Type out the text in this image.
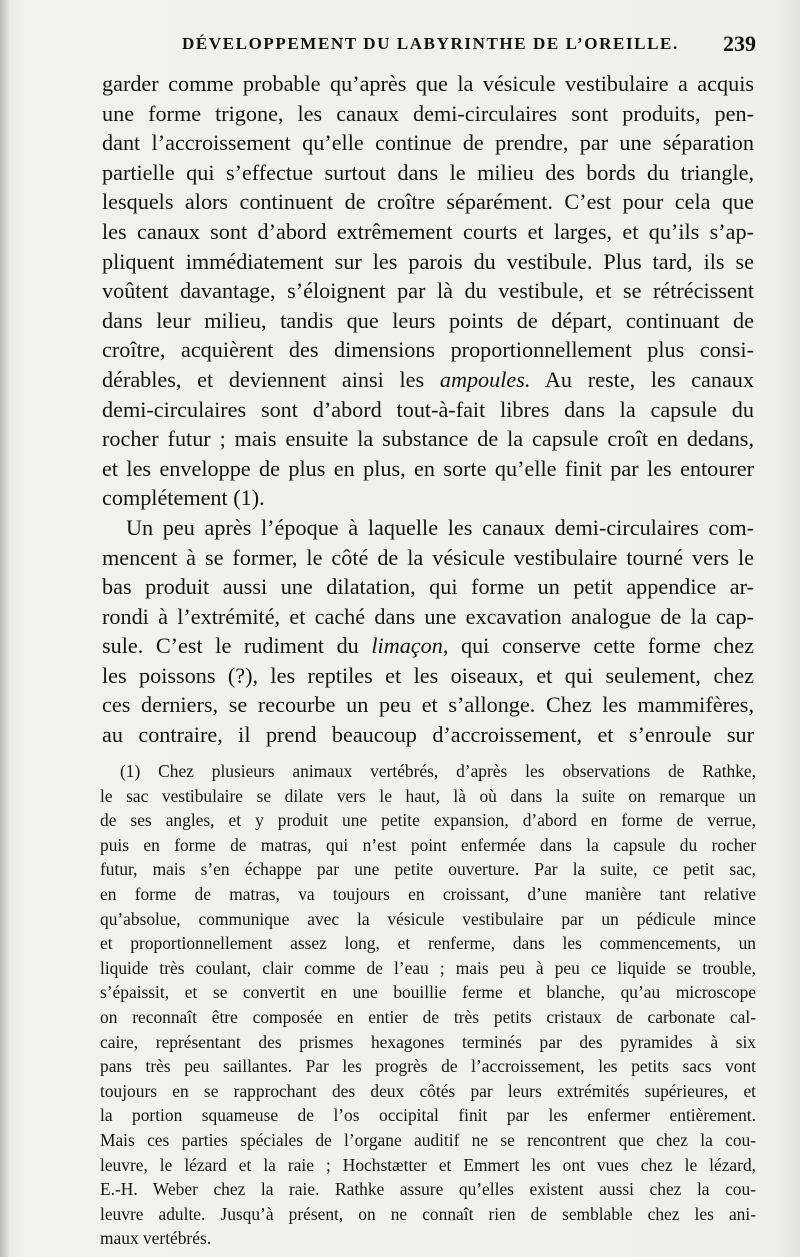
DÉVELOPPEMENT DU LABYRINTHE DE L’OREILLE. 239
garder comme probable qu’après que la vésicule vestibulaire a acquis
une forme trigone, les canaux demi-circulaires sont produits, pen-
dant l’accroissement qu’elle continue de prendre, par une séparation
partielle qui s’effectue surtout dans le milieu des bords du triangle,
lesquels alors continuent de croître séparément. C’est pour cela que
les canaux sont d’abord extrêmement courts et larges, et qu’ils s’ap-
pliquent immédiatement sur les parois du vestibule. Plus tard, ils se
voûtent davantage, s’éloignent par là du vestibule, et se rétrécissent
dans leur milieu, tandis que leurs points de départ, continuant de
croître, acquièrent des dimensions proportionnellement plus consi-
dérables, et deviennent ainsi les ampoules. Au reste, les canaux
demi-circulaires sont d’abord tout-à-fait libres dans la capsule du
rocher futur ; mais ensuite la substance de la capsule croît en dedans,
et les enveloppe de plus en plus, en sorte qu’elle finit par les entourer
complétement (1).
Un peu après l’époque à laquelle les canaux demi-circulaires com-
mencent à se former, le côté de la vésicule vestibulaire tourné vers le
bas produit aussi une dilatation, qui forme un petit appendice ar-
rondi à l’extrémité, et caché dans une excavation analogue de la cap-
sule. C’est le rudiment du limaçon, qui conserve cette forme chez
les poissons (?), les reptiles et les oiseaux, et qui seulement, chez
ces derniers, se recourbe un peu et s’allonge. Chez les mammifères,
au contraire, il prend beaucoup d’accroissement, et s’enroule sur
(1) Chez plusieurs animaux vertébrés, d’après les observations de Rathke,
le sac vestibulaire se dilate vers le haut, là où dans la suite on remarque un
de ses angles, et y produit une petite expansion, d’abord en forme de verrue,
puis en forme de matras, qui n’est point enfermée dans la capsule du rocher
futur, mais s’en échappe par une petite ouverture. Par la suite, ce petit sac,
en forme de matras, va toujours en croissant, d’une manière tant relative
qu’absolue, communique avec la vésicule vestibulaire par un pédicule mince
et proportionnellement assez long, et renferme, dans les commencements, un
liquide très coulant, clair comme de l’eau ; mais peu à peu ce liquide se trouble,
s’épaissit, et se convertit en une bouillie ferme et blanche, qu’au microscope
on reconnaît être composée en entier de très petits cristaux de carbonate cal-
caire, représentant des prismes hexagones terminés par des pyramides à six
pans très peu saillantes. Par les progrès de l’accroissement, les petits sacs vont
toujours en se rapprochant des deux côtés par leurs extrémités supérieures, et
la portion squameuse de l’os occipital finit par les enfermer entièrement.
Mais ces parties spéciales de l’organe auditif ne se rencontrent que chez la cou-
leuvre, le lézard et la raie ; Hochstætter et Emmert les ont vues chez le lézard,
E.-H. Weber chez la raie. Rathke assure qu’elles existent aussi chez la cou-
leuvre adulte. Jusqu’à présent, on ne connaît rien de semblable chez les ani-
maux vertébrés.
